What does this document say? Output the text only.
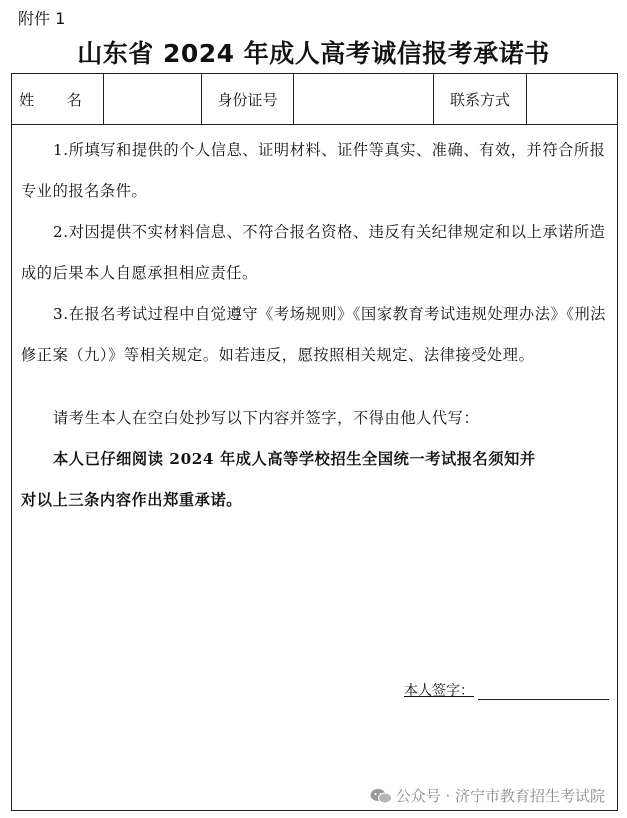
附件 1
山东省 2024 年成人高考诚信报考承诺书
姓 名	身份证号	联系方式

1.所填写和提供的个人信息、证明材料、证件等真实、准确、有效，并符合所报专业的报名条件。

2.对因提供不实材料信息、不符合报名资格、违反有关纪律规定和以上承诺所造成的后果本人自愿承担相应责任。

3.在报名考试过程中自觉遵守《考场规则》《国家教育考试违规处理办法》《刑法修正案（九）》等相关规定。如若违反，愿按照相关规定、法律接受处理。

请考生本人在空白处抄写以下内容并签字，不得由他人代写：

本人已仔细阅读 2024 年成人高等学校招生全国统一考试报名须知并

对以上三条内容作出郑重承诺。

本人签字：
公众号 · 济宁市教育招生考试院
